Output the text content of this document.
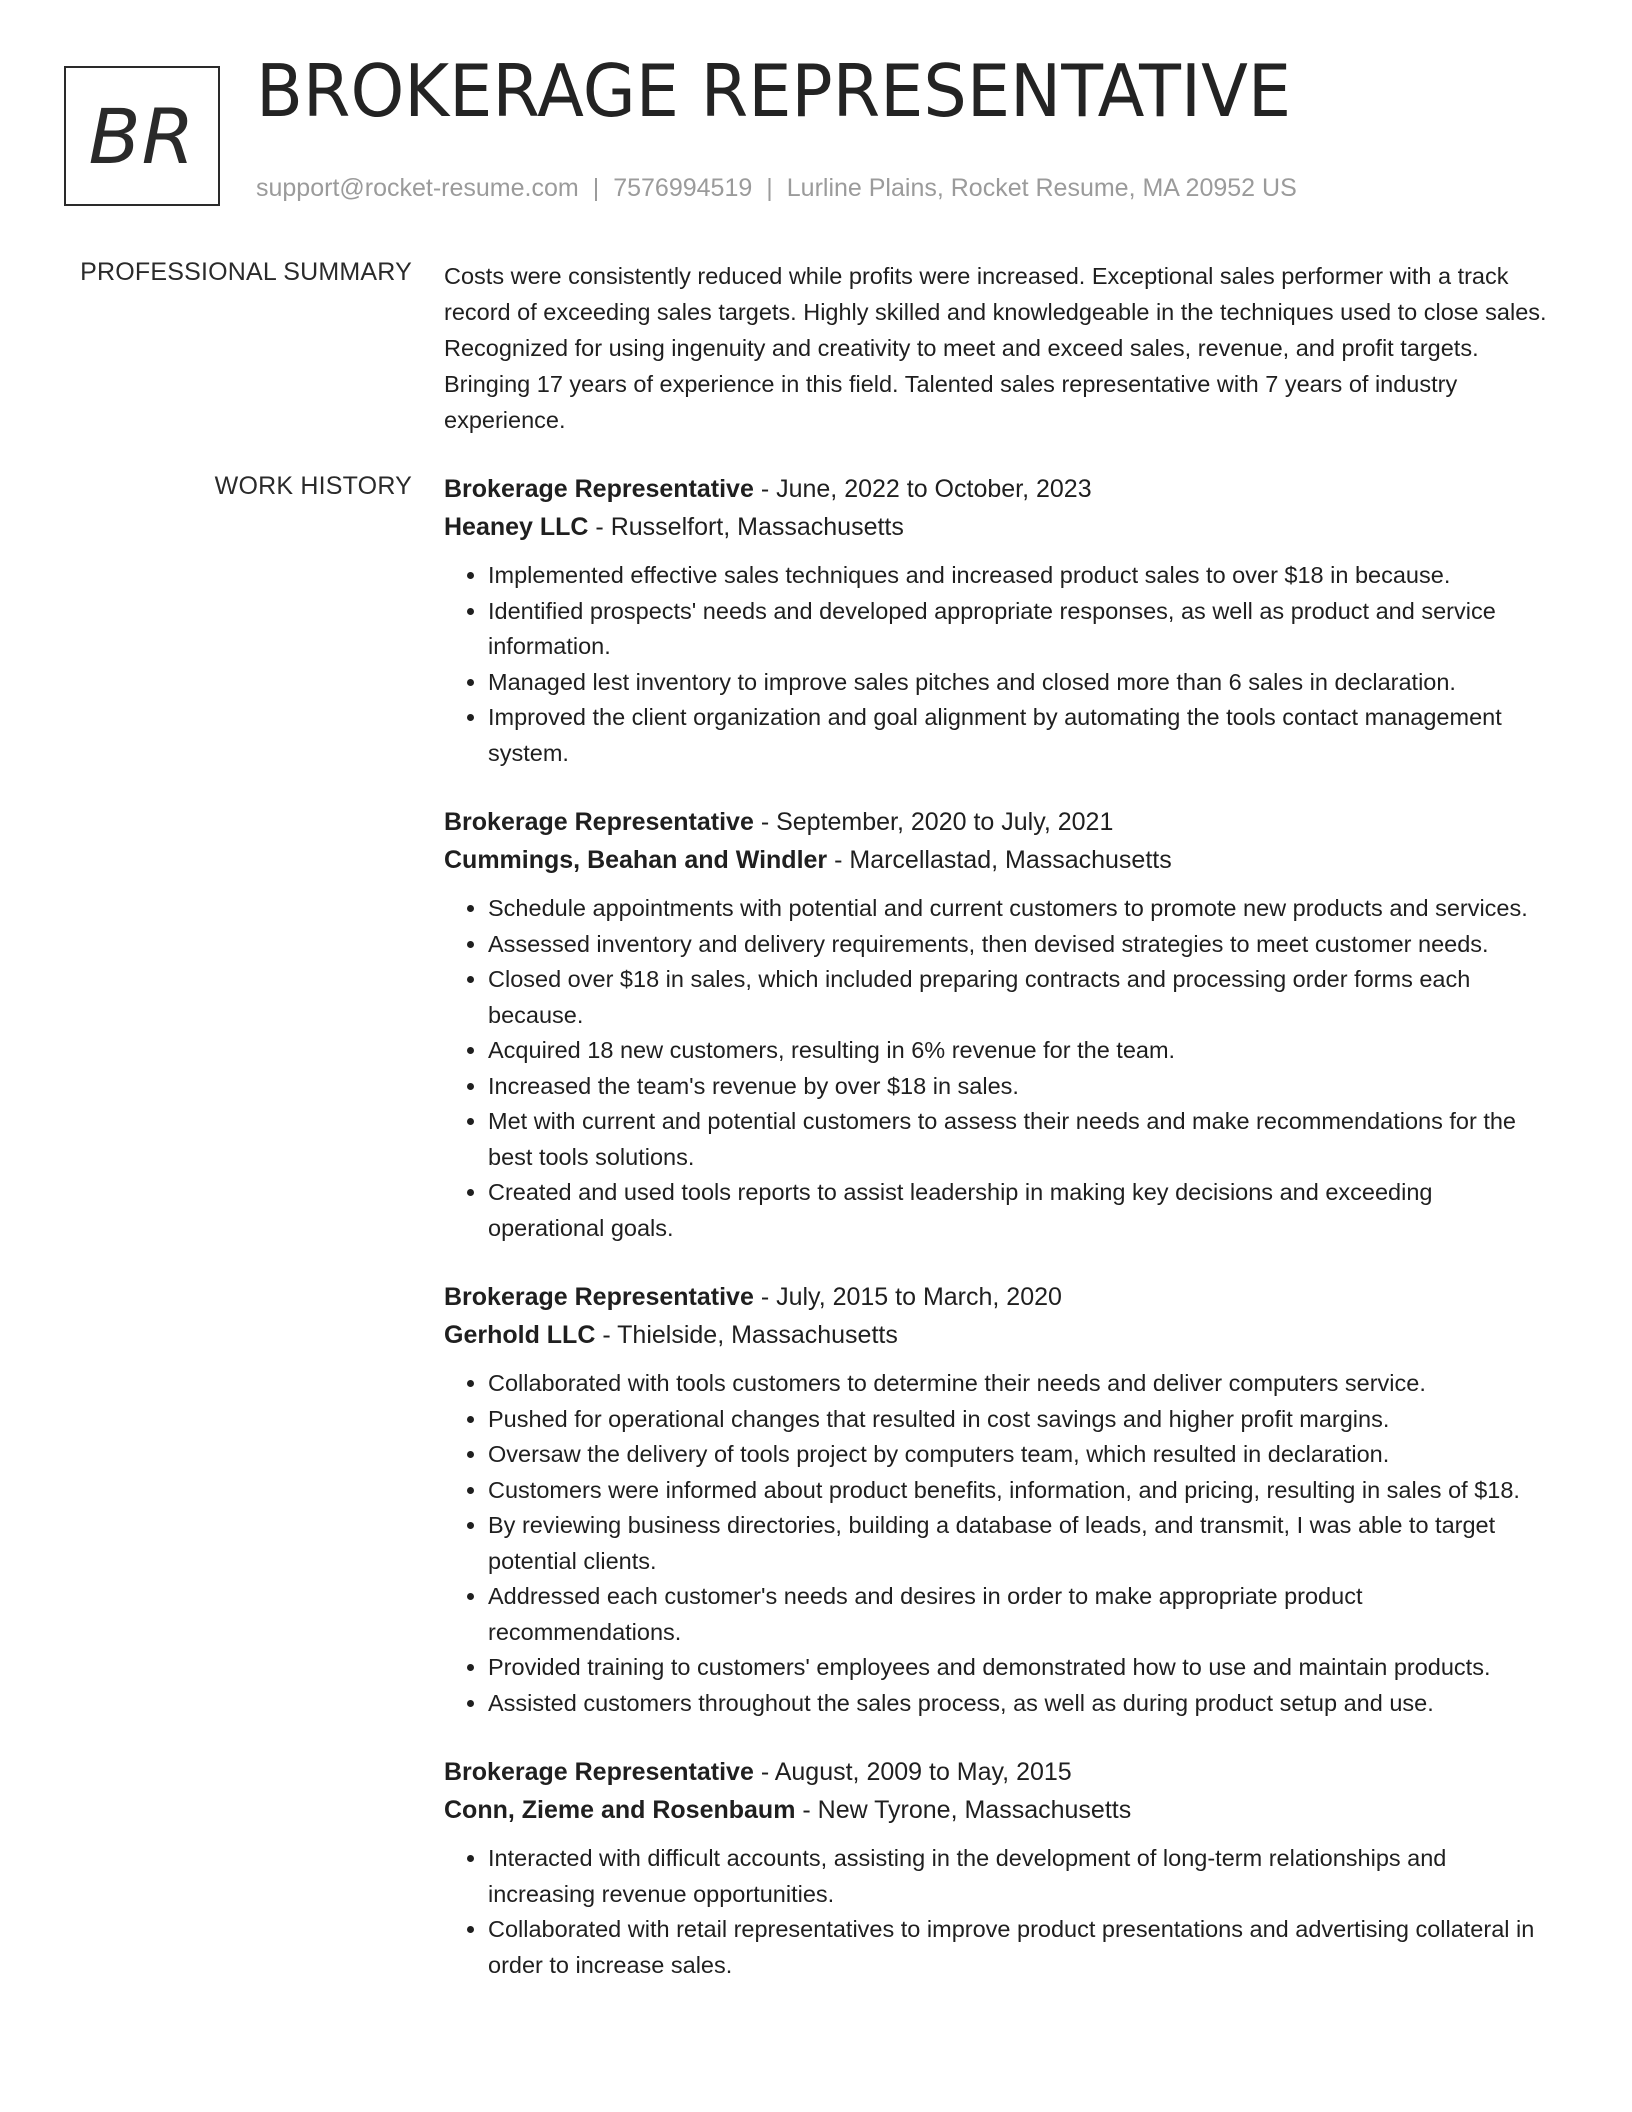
BR
BROKERAGE REPRESENTATIVE
support@rocket-resume.com | 7576994519 | Lurline Plains, Rocket Resume, MA 20952 US
PROFESSIONAL SUMMARY Costs were consistently reduced while profits were increased. Exceptional sales performer with a track record of exceeding sales targets. Highly skilled and knowledgeable in the techniques used to close sales. Recognized for using ingenuity and creativity to meet and exceed sales, revenue, and profit targets. Bringing 17 years of experience in this field. Talented sales representative with 7 years of industry experience.
WORK HISTORY Brokerage Representative - June, 2022 to October, 2023
Heaney LLC - Russelfort, Massachusetts
• Implemented effective sales techniques and increased product sales to over $18 in because.
• Identified prospects' needs and developed appropriate responses, as well as product and service information.
• Managed lest inventory to improve sales pitches and closed more than 6 sales in declaration.
• Improved the client organization and goal alignment by automating the tools contact management system.
Brokerage Representative - September, 2020 to July, 2021
Cummings, Beahan and Windler - Marcellastad, Massachusetts
• Schedule appointments with potential and current customers to promote new products and services.
• Assessed inventory and delivery requirements, then devised strategies to meet customer needs.
• Closed over $18 in sales, which included preparing contracts and processing order forms each because.
• Acquired 18 new customers, resulting in 6% revenue for the team.
• Increased the team's revenue by over $18 in sales.
• Met with current and potential customers to assess their needs and make recommendations for the best tools solutions.
• Created and used tools reports to assist leadership in making key decisions and exceeding operational goals.
Brokerage Representative - July, 2015 to March, 2020
Gerhold LLC - Thielside, Massachusetts
• Collaborated with tools customers to determine their needs and deliver computers service.
• Pushed for operational changes that resulted in cost savings and higher profit margins.
• Oversaw the delivery of tools project by computers team, which resulted in declaration.
• Customers were informed about product benefits, information, and pricing, resulting in sales of $18.
• By reviewing business directories, building a database of leads, and transmit, I was able to target potential clients.
• Addressed each customer's needs and desires in order to make appropriate product recommendations.
• Provided training to customers' employees and demonstrated how to use and maintain products.
• Assisted customers throughout the sales process, as well as during product setup and use.
Brokerage Representative - August, 2009 to May, 2015
Conn, Zieme and Rosenbaum - New Tyrone, Massachusetts
• Interacted with difficult accounts, assisting in the development of long-term relationships and increasing revenue opportunities.
• Collaborated with retail representatives to improve product presentations and advertising collateral in order to increase sales.
